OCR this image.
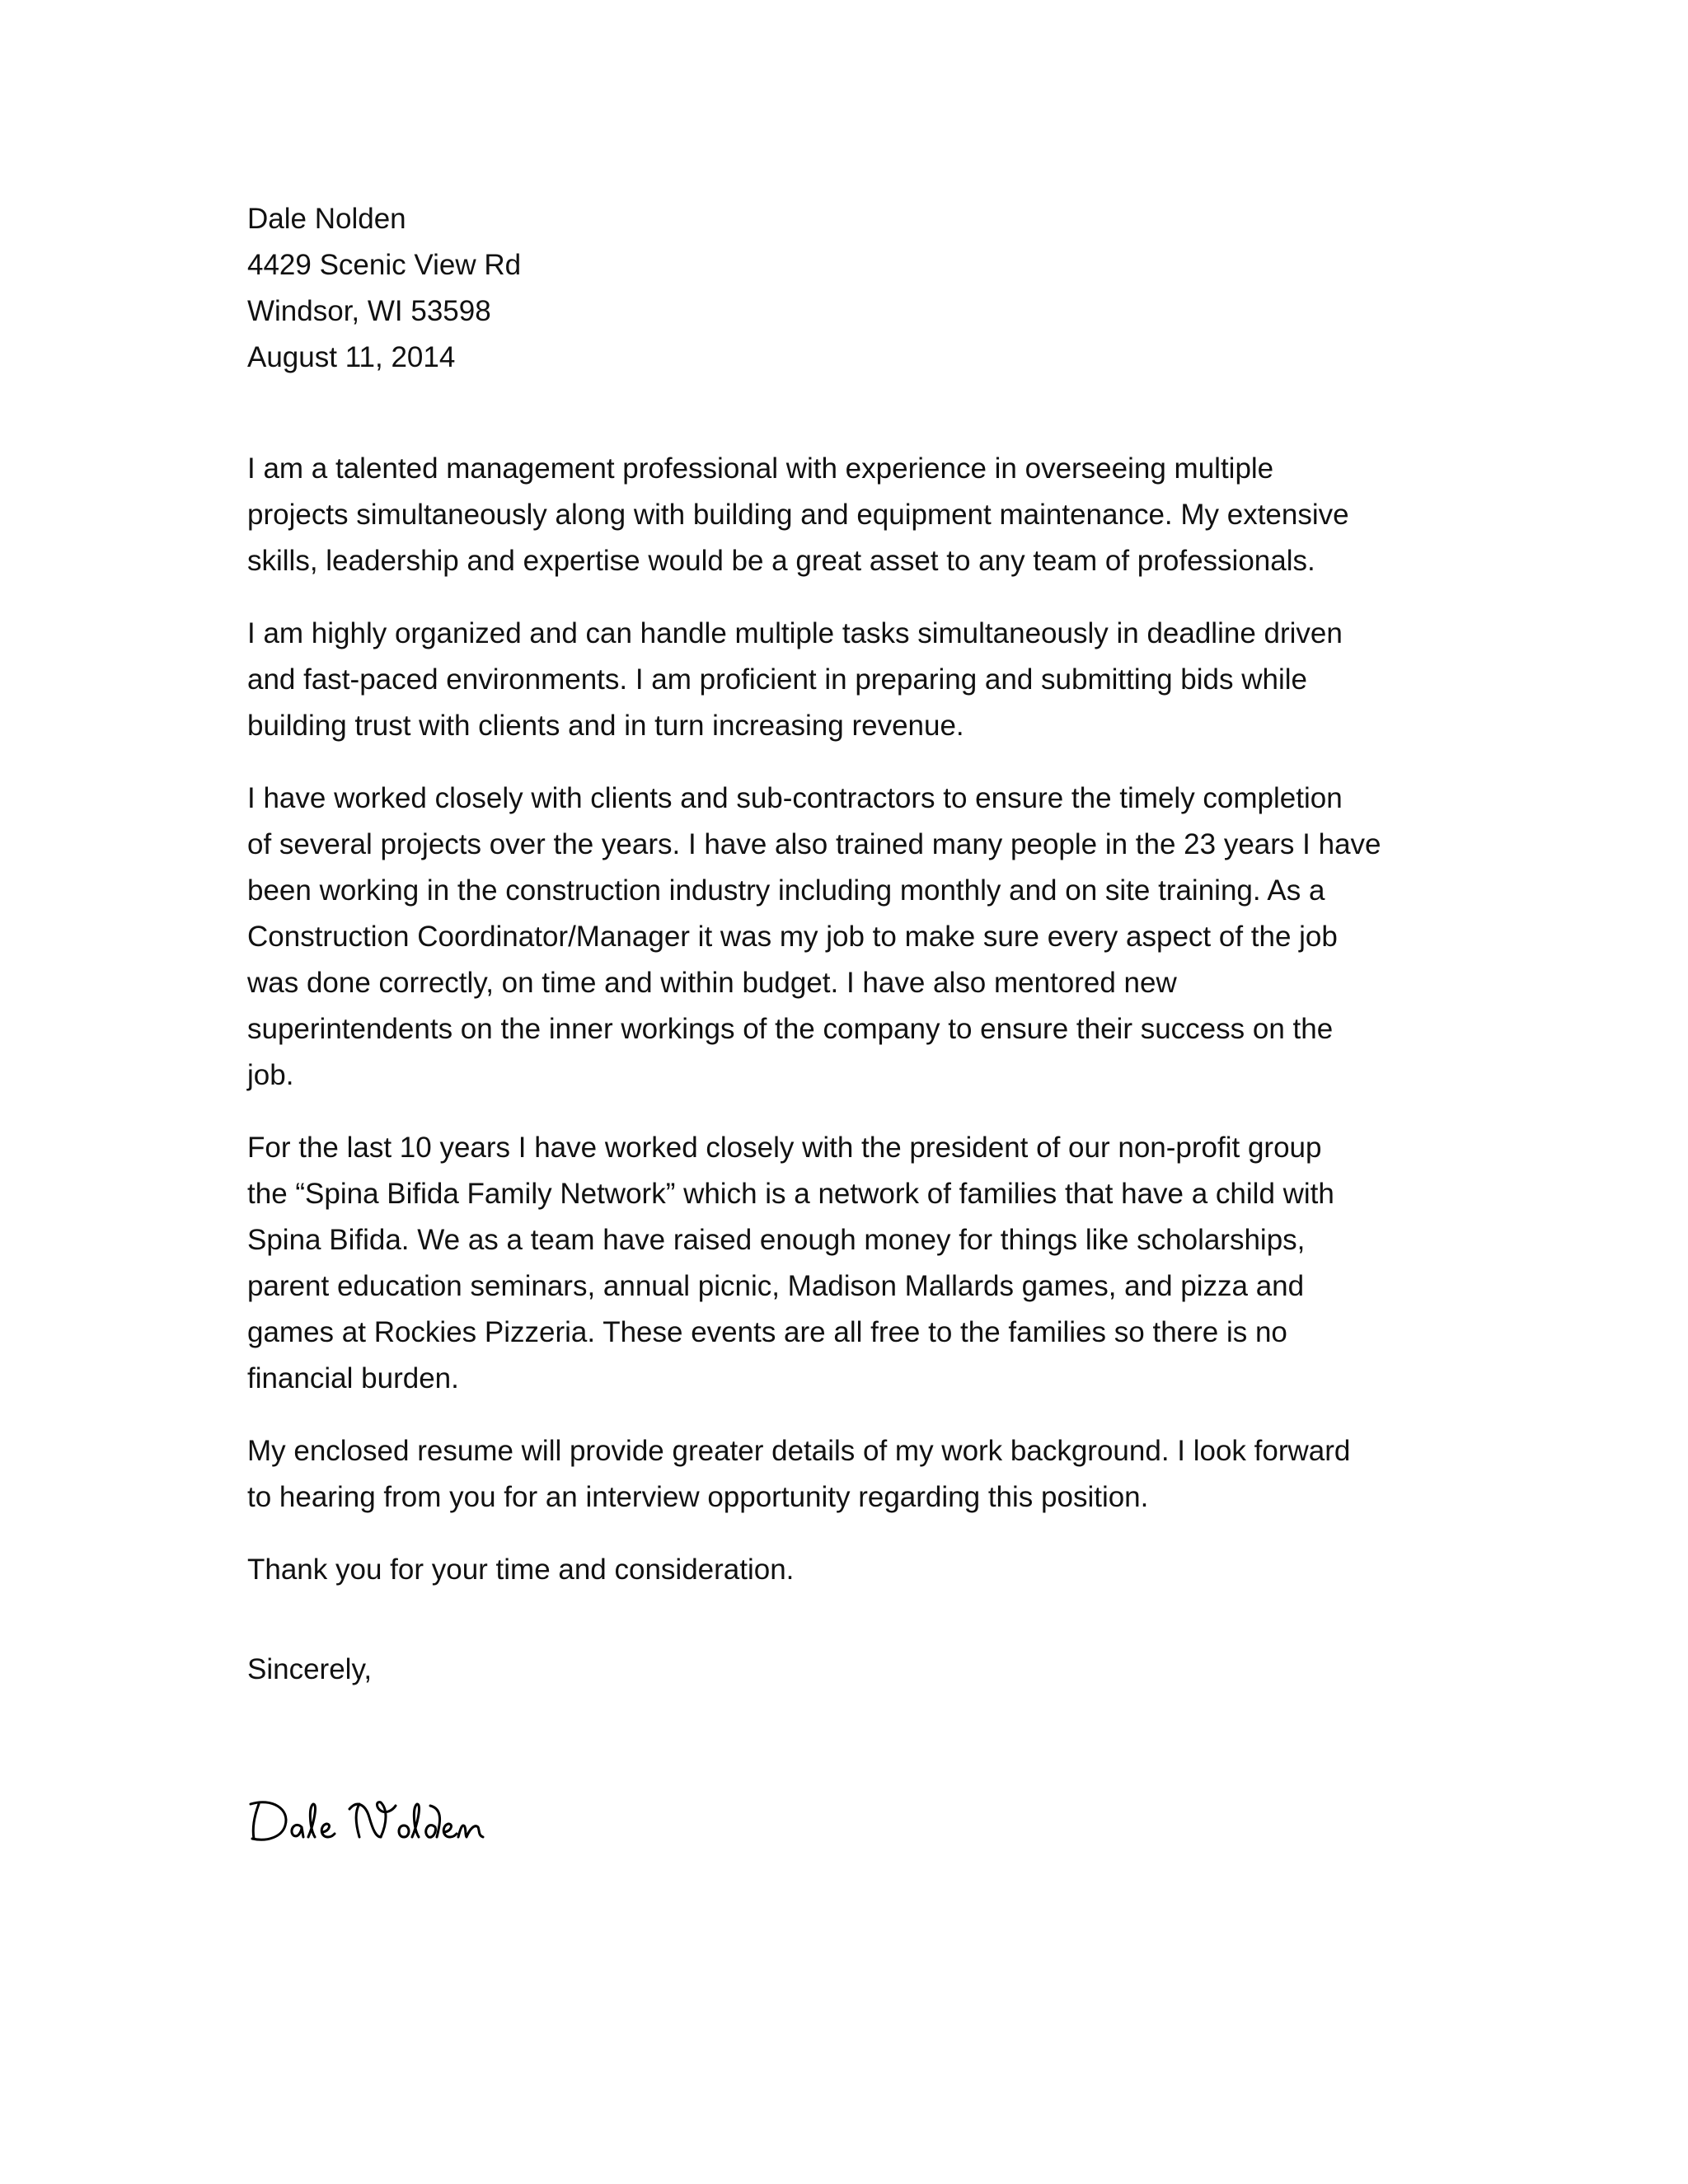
Dale Nolden
4429 Scenic View Rd
Windsor, WI 53598
August 11, 2014
I am a talented management professional with experience in overseeing multiple
projects simultaneously along with building and equipment maintenance. My extensive
skills, leadership and expertise would be a great asset to any team of professionals.
I am highly organized and can handle multiple tasks simultaneously in deadline driven
and fast-paced environments. I am proficient in preparing and submitting bids while
building trust with clients and in turn increasing revenue.
I have worked closely with clients and sub-contractors to ensure the timely completion
of several projects over the years. I have also trained many people in the 23 years I have
been working in the construction industry including monthly and on site training. As a
Construction Coordinator/Manager it was my job to make sure every aspect of the job
was done correctly, on time and within budget. I have also mentored new
superintendents on the inner workings of the company to ensure their success on the
job.
For the last 10 years I have worked closely with the president of our non-profit group
the “Spina Bifida Family Network” which is a network of families that have a child with
Spina Bifida. We as a team have raised enough money for things like scholarships,
parent education seminars, annual picnic, Madison Mallards games, and pizza and
games at Rockies Pizzeria. These events are all free to the families so there is no
financial burden.
My enclosed resume will provide greater details of my work background. I look forward
to hearing from you for an interview opportunity regarding this position.
Thank you for your time and consideration.
Sincerely,
